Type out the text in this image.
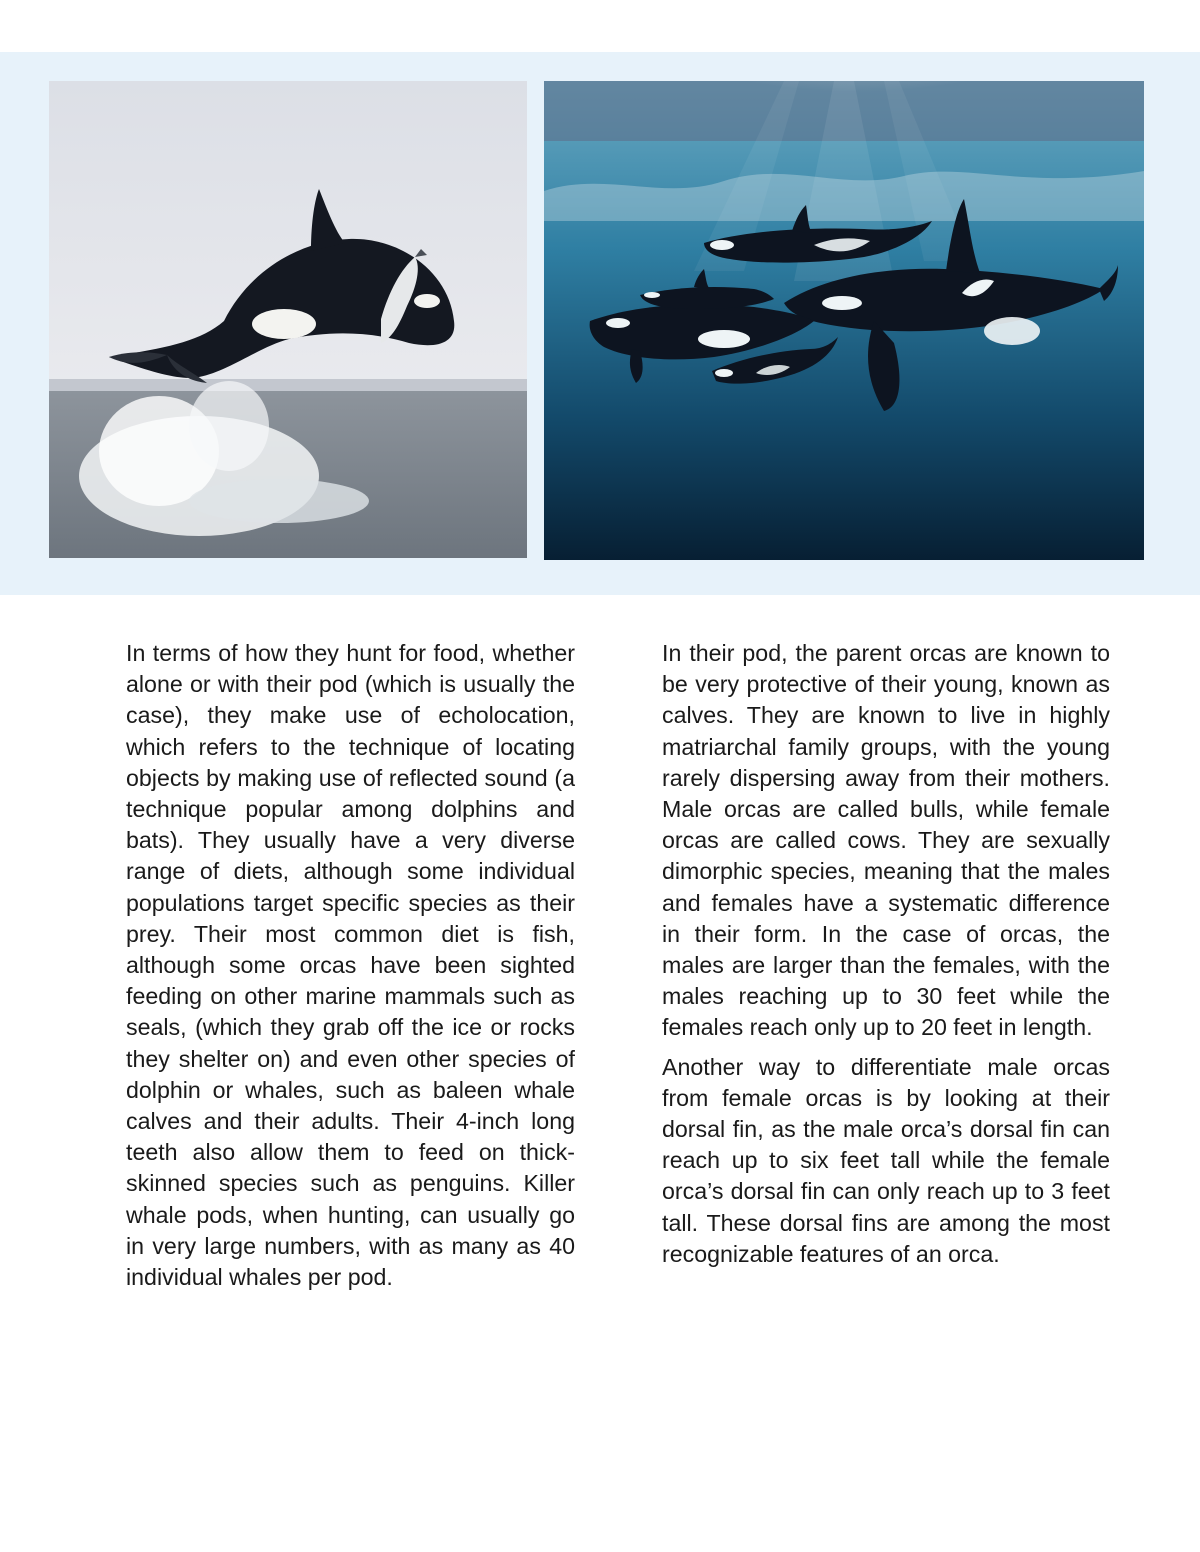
In terms of how they hunt for food, whether alone or with their pod (which is usually the case), they make use of echolocation, which refers to the technique of locating objects by making use of reflected sound (a technique popular among dolphins and bats). They usually have a very diverse range of diets, although some individual populations target specific species as their prey. Their most common diet is fish, although some orcas have been sighted feeding on other marine mammals such as seals, (which they grab off the ice or rocks they shelter on) and even other species of dolphin or whales, such as baleen whale calves and their adults. Their 4-inch long teeth also allow them to feed on thick-skinned species such as penguins. Killer whale pods, when hunting, can usually go in very large numbers, with as many as 40 individual whales per pod.

In their pod, the parent orcas are known to be very protective of their young, known as calves. They are known to live in highly matriarchal family groups, with the young rarely dispersing away from their mothers. Male orcas are called bulls, while female orcas are called cows. They are sexually dimorphic species, meaning that the males and females have a systematic difference in their form. In the case of orcas, the males are larger than the females, with the males reaching up to 30 feet while the females reach only up to 20 feet in length.

Another way to differentiate male orcas from female orcas is by looking at their dorsal fin, as the male orca’s dorsal fin can reach up to six feet tall while the female orca’s dorsal fin can only reach up to 3 feet tall. These dorsal fins are among the most recognizable features of an orca.
